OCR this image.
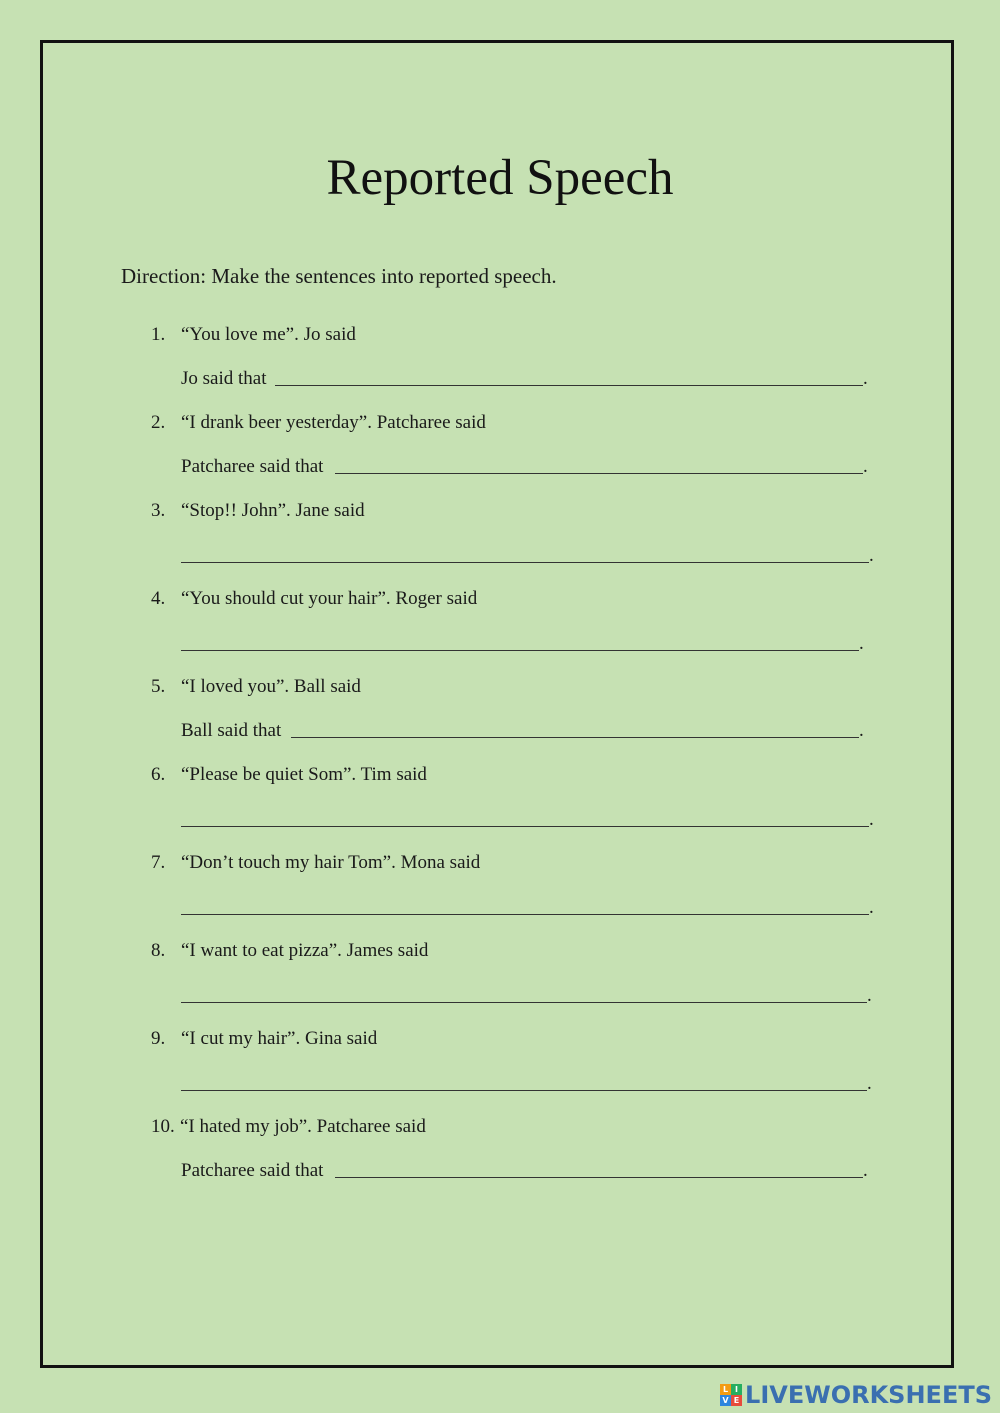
Reported Speech
Direction: Make the sentences into reported speech.
1. “You love me”. Jo said
Jo said that	.
2. “I drank beer yesterday”. Patcharee said
Patcharee said that	.
3. “Stop!! John”. Jane said
.
4. “You should cut your hair”. Roger said
.
5. “I loved you”. Ball said
Ball said that	.
6. “Please be quiet Som”. Tim said
.
7. “Don’t touch my hair Tom”. Mona said
.
8. “I want to eat pizza”. James said
.
9. “I cut my hair”. Gina said
.
10. “I hated my job”. Patcharee said
Patcharee said that	.
L I
V E LIVEWORKSHEETS
